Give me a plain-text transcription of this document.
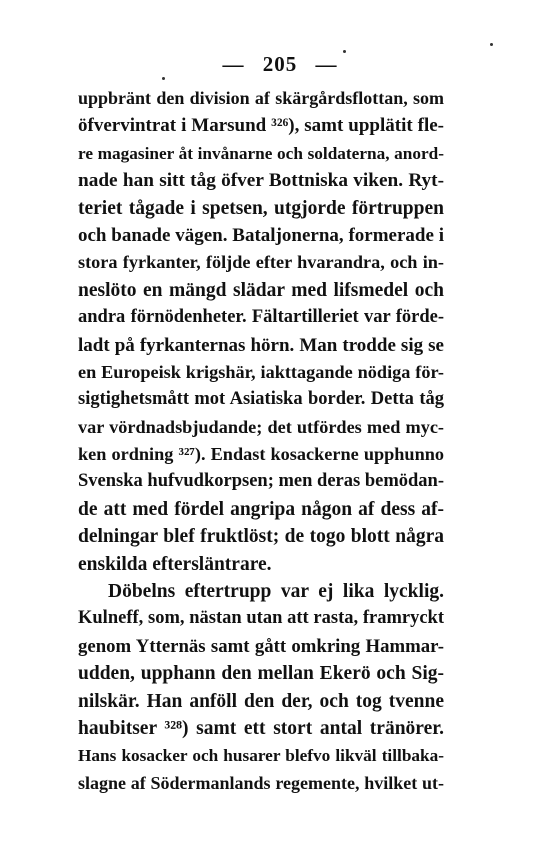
— 205 —
uppbränt den division af skärgårdsflottan, som
öfvervintrat i Marsund ³²⁶), samt upplätit fle-
re magasiner åt invånarne och soldaterna, anord-
nade han sitt tåg öfver Bottniska viken. Ryt-
teriet tågade i spetsen, utgjorde förtruppen
och banade vägen. Bataljonerna, formerade i
stora fyrkanter, följde efter hvarandra, och in-
neslöto en mängd slädar med lifsmedel och
andra förnödenheter. Fältartilleriet var förde-
ladt på fyrkanternas hörn. Man trodde sig se
en Europeisk krigshär, iakttagande nödiga för-
sigtighetsmått mot Asiatiska border. Detta tåg
var vördnadsbjudande; det utfördes med myc-
ken ordning ³²⁷). Endast kosackerne upphunno
Svenska hufvudkorpsen; men deras bemödan-
de att med fördel angripa någon af dess af-
delningar blef fruktlöst; de togo blott några
enskilda eftersläntrare.
Döbelns eftertrupp var ej lika lycklig.
Kulneff, som, nästan utan att rasta, framryckt
genom Ytternäs samt gått omkring Hammar-
udden, upphann den mellan Ekerö och Sig-
nilskär. Han anföll den der, och tog tvenne
haubitser ³²⁸) samt ett stort antal tränörer.
Hans kosacker och husarer blefvo likväl tillbaka-
slagne af Södermanlands regemente, hvilket ut-
